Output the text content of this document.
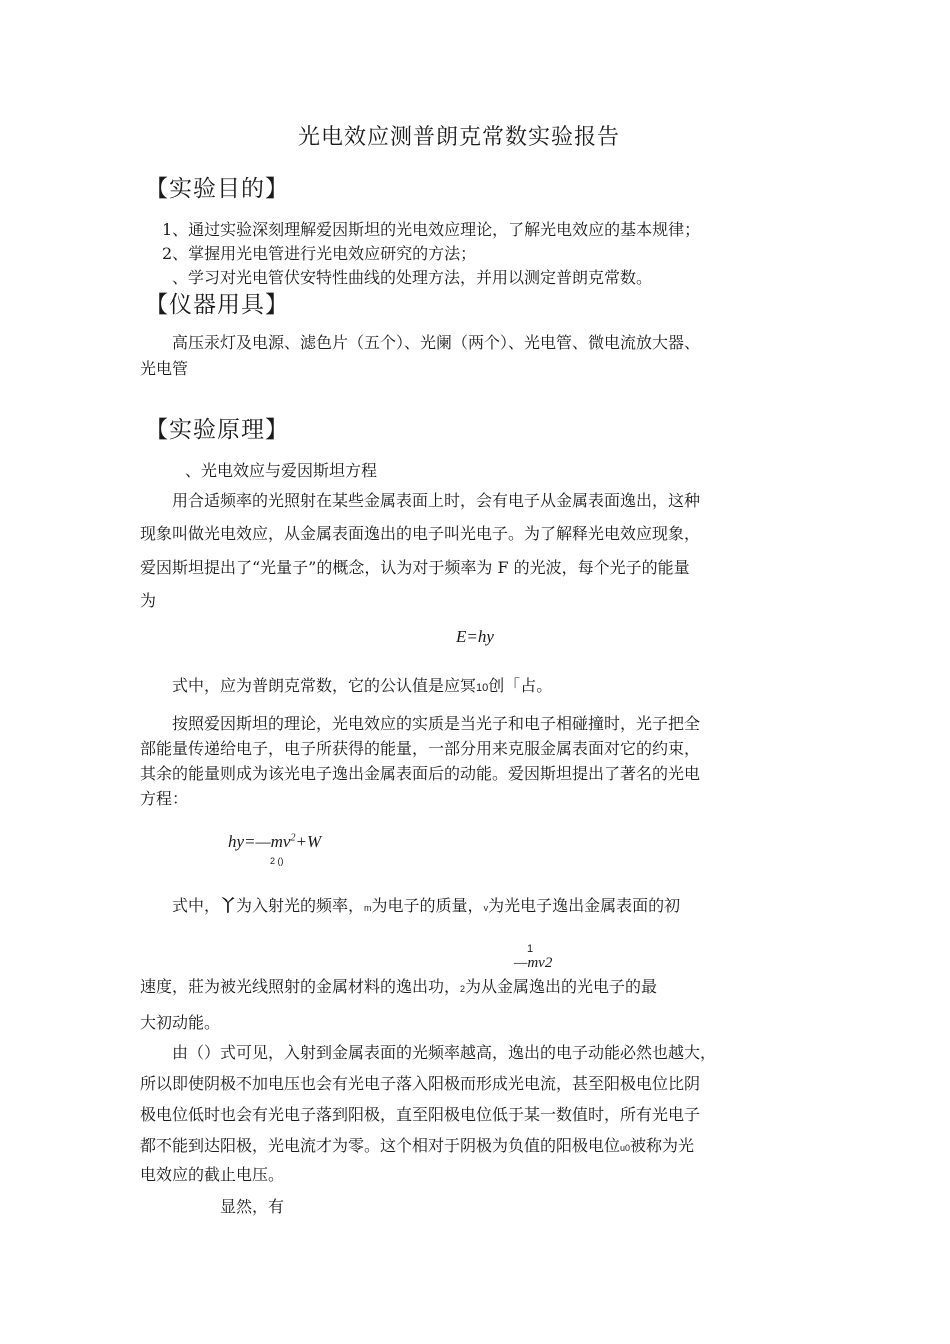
光电效应测普朗克常数实验报告
【实验目的】
1、通过实验深刻理解爱因斯坦的光电效应理论，了解光电效应的基本规律；
2、掌握用光电管进行光电效应研究的方法；
、学习对光电管伏安特性曲线的处理方法，并用以测定普朗克常数。
【仪器用具】
高压汞灯及电源、滤色片（五个）、光阑（两个）、光电管、微电流放大器、
光电管
【实验原理】
、光电效应与爱因斯坦方程
用合适频率的光照射在某些金属表面上时，会有电子从金属表面逸出，这种
现象叫做光电效应，从金属表面逸出的电子叫光电子。为了解释光电效应现象，
爱因斯坦提出了“光量子”的概念，认为对于频率为 F 的光波，每个光子的能量
为
E=hy
式中，应为普朗克常数，它的公认值是应冥10创「占。
按照爱因斯坦的理论，光电效应的实质是当光子和电子相碰撞时，光子把全
部能量传递给电子，电子所获得的能量，一部分用来克服金属表面对它的约束，
其余的能量则成为该光电子逸出金属表面后的动能。爱因斯坦提出了著名的光电
方程：
$hy=—mv^2+W$
2 ()
式中，丫为入射光的频率，m为电子的质量，v为光电子逸出金属表面的初
1
—mv2
速度，莊为被光线照射的金属材料的逸出功，2为从金属逸出的光电子的最
大初动能。
由（）式可见，入射到金属表面的光频率越高，逸出的电子动能必然也越大，
所以即使阴极不加电压也会有光电子落入阳极而形成光电流，甚至阳极电位比阴
极电位低时也会有光电子落到阳极，直至阳极电位低于某一数值时，所有光电子
都不能到达阳极，光电流才为零。这个相对于阴极为负值的阳极电位u0被称为光
电效应的截止电压。
显然，有
